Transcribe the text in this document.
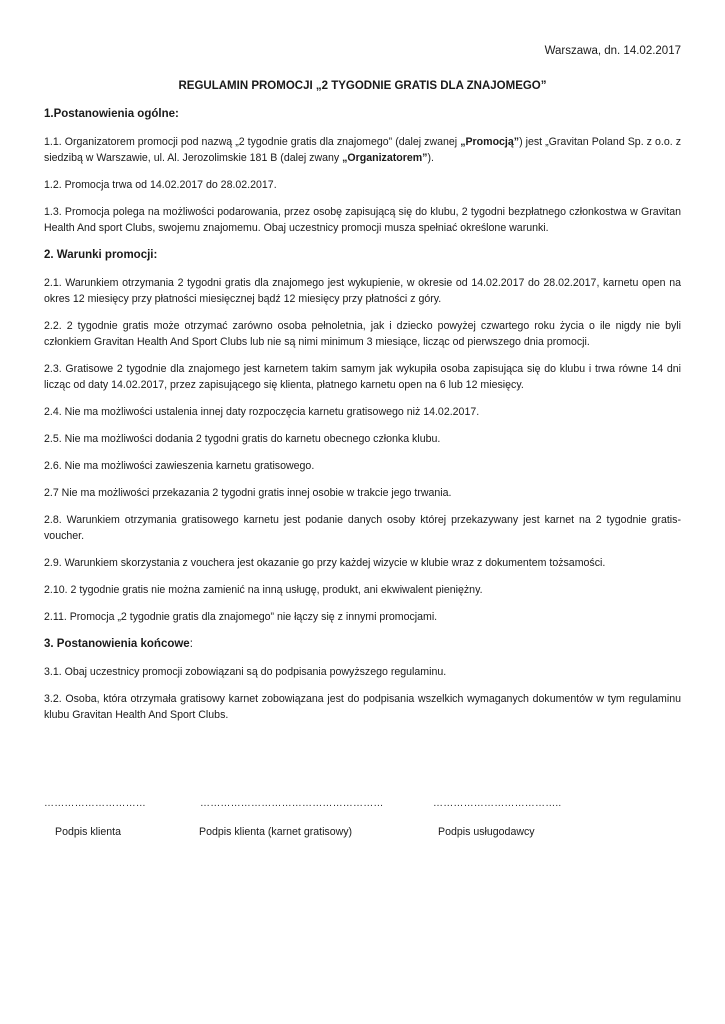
Warszawa, dn. 14.02.2017
REGULAMIN PROMOCJI „2 TYGODNIE GRATIS DLA ZNAJOMEGO”
1.Postanowienia ogólne:

1.1. Organizatorem promocji pod nazwą „2 tygodnie gratis dla znajomego” (dalej zwanej „Promocją”) jest „Gravitan Poland Sp. z o.o. z siedzibą w Warszawie, ul. Al. Jerozolimskie 181 B (dalej zwany „Organizatorem”).

1.2. Promocja trwa od 14.02.2017 do 28.02.2017.

1.3. Promocja polega na możliwości podarowania, przez osobę zapisującą się do klubu, 2 tygodni bezpłatnego członkostwa w Gravitan Health And sport Clubs, swojemu znajomemu. Obaj uczestnicy promocji musza spełniać określone warunki.

2. Warunki promocji:

2.1. Warunkiem otrzymania 2 tygodni gratis dla znajomego jest wykupienie, w okresie od 14.02.2017 do 28.02.2017, karnetu open na okres 12 miesięcy przy płatności miesięcznej bądź 12 miesięcy przy płatności z góry.

2.2. 2 tygodnie gratis może otrzymać zarówno osoba pełnoletnia, jak i dziecko powyżej czwartego roku życia o ile nigdy nie byli członkiem Gravitan Health And Sport Clubs lub nie są nimi minimum 3 miesiące, licząc od pierwszego dnia promocji.

2.3. Gratisowe 2 tygodnie dla znajomego jest karnetem takim samym jak wykupiła osoba zapisująca się do klubu i trwa równe 14 dni licząc od daty 14.02.2017, przez zapisującego się klienta, płatnego karnetu open na 6 lub 12 miesięcy.

2.4. Nie ma możliwości ustalenia innej daty rozpoczęcia karnetu gratisowego niż 14.02.2017.

2.5. Nie ma możliwości dodania 2 tygodni gratis do karnetu obecnego członka klubu.

2.6. Nie ma możliwości zawieszenia karnetu gratisowego.

2.7 Nie ma możliwości przekazania 2 tygodni gratis innej osobie w trakcie jego trwania.

2.8. Warunkiem otrzymania gratisowego karnetu jest podanie danych osoby której przekazywany jest karnet na 2 tygodnie gratis-voucher.

2.9. Warunkiem skorzystania z vouchera jest okazanie go przy każdej wizycie w klubie wraz z dokumentem tożsamości.

2.10. 2 tygodnie gratis nie można zamienić na inną usługę, produkt, ani ekwiwalent pieniężny.

2.11. Promocja „2 tygodnie gratis dla znajomego” nie łączy się z innymi promocjami.

3. Postanowienia końcowe:

3.1. Obaj uczestnicy promocji zobowiązani są do podpisania powyższego regulaminu.

3.2. Osoba, która otrzymała gratisowy karnet zobowiązana jest do podpisania wszelkich wymaganych dokumentów w tym regulaminu klubu Gravitan Health And Sport Clubs.

…………………………	………………………………………………	………………………………..
Podpis klienta	Podpis klienta (karnet gratisowy)	Podpis usługodawcy
